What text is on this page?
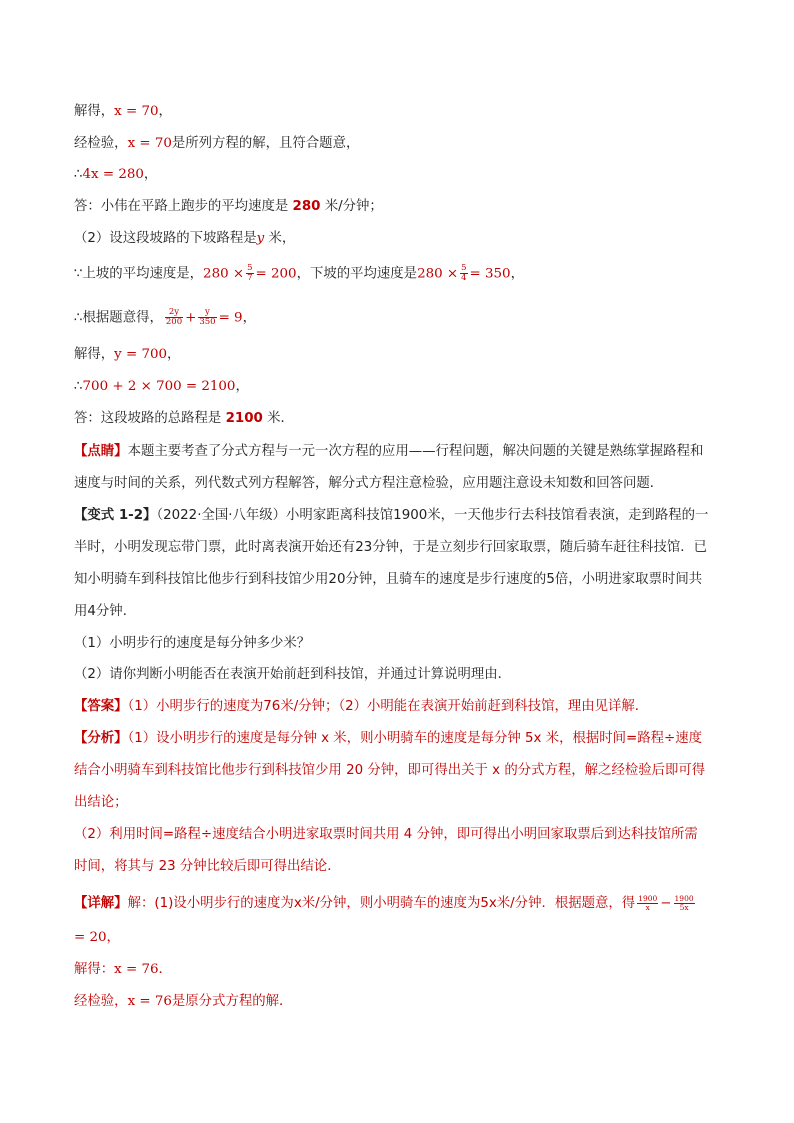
解得，x = 70，
经检验，x = 70是所列方程的解，且符合题意，
∴4x = 280，
答：小伟在平路上跑步的平均速度是 280 米/分钟；
（2）设这段坡路的下坡路程是y 米，
∵上坡的平均速度是，$280 \times \frac{5}{7} = 200$，下坡的平均速度是$280 \times \frac{5}{4} = 350$，
∴根据题意得， $\frac{2y}{200} + \frac{y}{350} = 9$，
解得，y = 700，
∴700 + 2 × 700 = 2100，
答：这段坡路的总路程是 2100 米．
【点睛】本题主要考查了分式方程与一元一次方程的应用——行程问题，解决问题的关键是熟练掌握路程和
速度与时间的关系，列代数式列方程解答，解分式方程注意检验，应用题注意设未知数和回答问题．
【变式 1-2】（2022·全国·八年级）小明家距离科技馆1900米，一天他步行去科技馆看表演，走到路程的一
半时，小明发现忘带门票，此时离表演开始还有23分钟，于是立刻步行回家取票，随后骑车赶往科技馆．已
知小明骑车到科技馆比他步行到科技馆少用20分钟，且骑车的速度是步行速度的5倍，小明进家取票时间共
用4分钟．
（1）小明步行的速度是每分钟多少米？
（2）请你判断小明能否在表演开始前赶到科技馆，并通过计算说明理由．
【答案】（1）小明步行的速度为76米/分钟；（2）小明能在表演开始前赶到科技馆，理由见详解．
【分析】（1）设小明步行的速度是每分钟 x 米，则小明骑车的速度是每分钟 5x 米，根据时间=路程÷速度
结合小明骑车到科技馆比他步行到科技馆少用 20 分钟，即可得出关于 x 的分式方程，解之经检验后即可得
出结论；
（2）利用时间=路程÷速度结合小明进家取票时间共用 4 分钟，即可得出小明回家取票后到达科技馆所需
时间，将其与 23 分钟比较后即可得出结论．
【详解】解：(1)设小明步行的速度为x米/分钟，则小明骑车的速度为5x米/分钟．根据题意，得 $\frac{1900}{x} - \frac{1900}{5x}$
= 20，
解得：x = 76．
经检验，x = 76是原分式方程的解．
